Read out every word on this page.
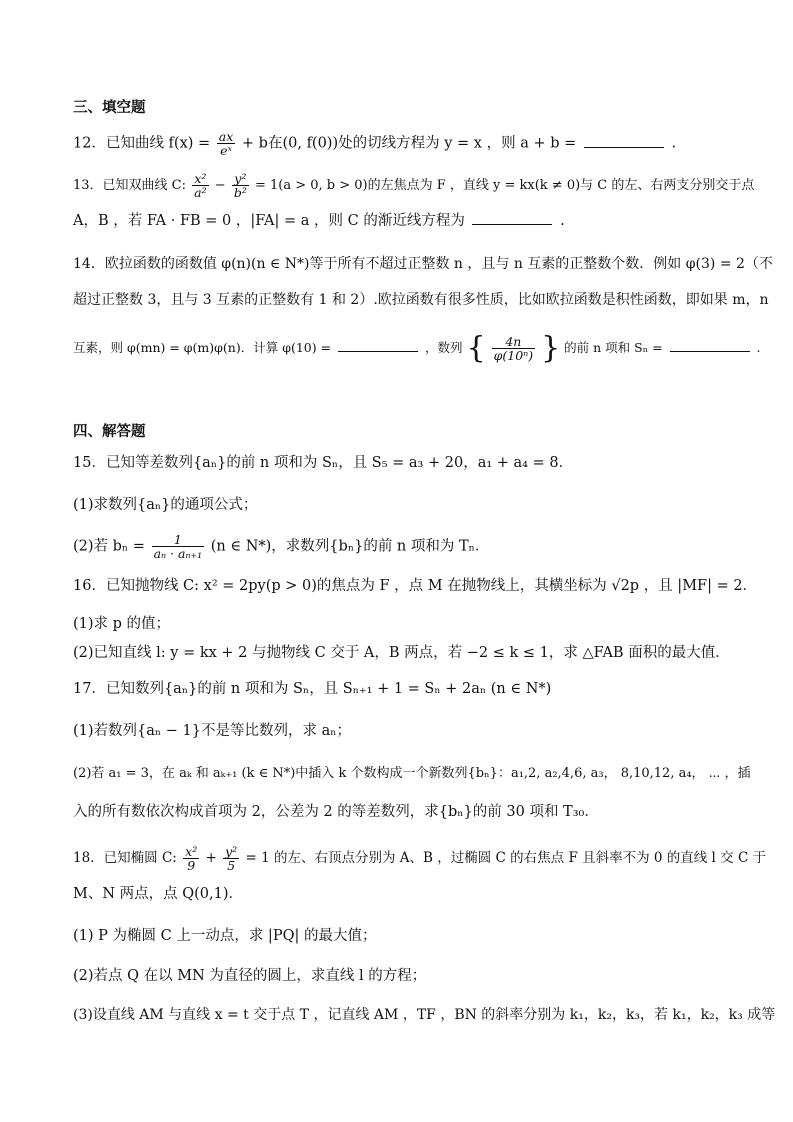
三、填空题
12．已知曲线 $f(x) = \frac{ax}{\text{eˣ}} + b$在(0, f(0))处的切线方程为 y = x ，则 a + b =	.
13．已知双曲线 C: $\frac{\text{x²}}{\text{a²}} - \frac{\text{y²}}{\text{b²}} = 1(a > 0$, b > 0)的左焦点为 F ，直线 y = kx(k ≠ 0)与 C 的左、右两支分别交于点
A，B ，若 FA · FB = 0 ，|FA| = a ，则 C 的渐近线方程为	.
14．欧拉函数的函数值 φ(n)(n ∈ N*)等于所有不超过正整数 n ，且与 n 互素的正整数个数．例如 φ(3) = 2（不
超过正整数 3，且与 3 互素的正整数有 1 和 2）.欧拉函数有很多性质，比如欧拉函数是积性函数，即如果 m，n
互素，则 φ(mn) = φ(m)φ(n)．计算 φ(10) =	，数列 { $\frac{4n}{\text{φ(10ⁿ)}}$ } 的前 n 项和 Sₙ =	.
四、解答题
15．已知等差数列{aₙ}的前 n 项和为 Sₙ，且 S₅ = a₃ + 20，a₁ + a₄ = 8．
(1)求数列{aₙ}的通项公式；
(2)若 $b_n = \frac{1}{\text{aₙ · aₙ₊₁}} (n$ ∈ N*)，求数列{bₙ}的前 n 项和为 Tₙ．
16．已知抛物线 C: x² = 2py(p > 0)的焦点为 F ，点 M 在抛物线上，其横坐标为 √2p ，且 |MF| = 2．
(1)求 p 的值；
(2)已知直线 l: y = kx + 2 与抛物线 C 交于 A，B 两点，若 −2 ≤ k ≤ 1，求 △FAB 面积的最大值．
17．已知数列{aₙ}的前 n 项和为 Sₙ，且 Sₙ₊₁ + 1 = Sₙ + 2aₙ (n ∈ N*)
(1)若数列{aₙ − 1}不是等比数列，求 aₙ；
(2)若 a₁ = 3，在 aₖ 和 aₖ₊₁ (k ∈ N*)中插入 k 个数构成一个新数列{bₙ}：a₁,2, a₂,4,6, a₃， 8,10,12, a₄， ⋯ ，插
入的所有数依次构成首项为 2，公差为 2 的等差数列，求{bₙ}的前 30 项和 T₃₀．
18．已知椭圆 C: $\frac{\text{x²}}{9} + \frac{\text{y²}}{5} = 1$ 的左、右顶点分别为 A、B ，过椭圆 C 的右焦点 F 且斜率不为 0 的直线 l 交 C 于
M、N 两点，点 Q(0,1)．
(1) P 为椭圆 C 上一动点，求 |PQ| 的最大值；
(2)若点 Q 在以 MN 为直径的圆上，求直线 l 的方程；
(3)设直线 AM 与直线 x = t 交于点 T ，记直线 AM ，TF ，BN 的斜率分别为 k₁，k₂，k₃，若 k₁，k₂，k₃ 成等
